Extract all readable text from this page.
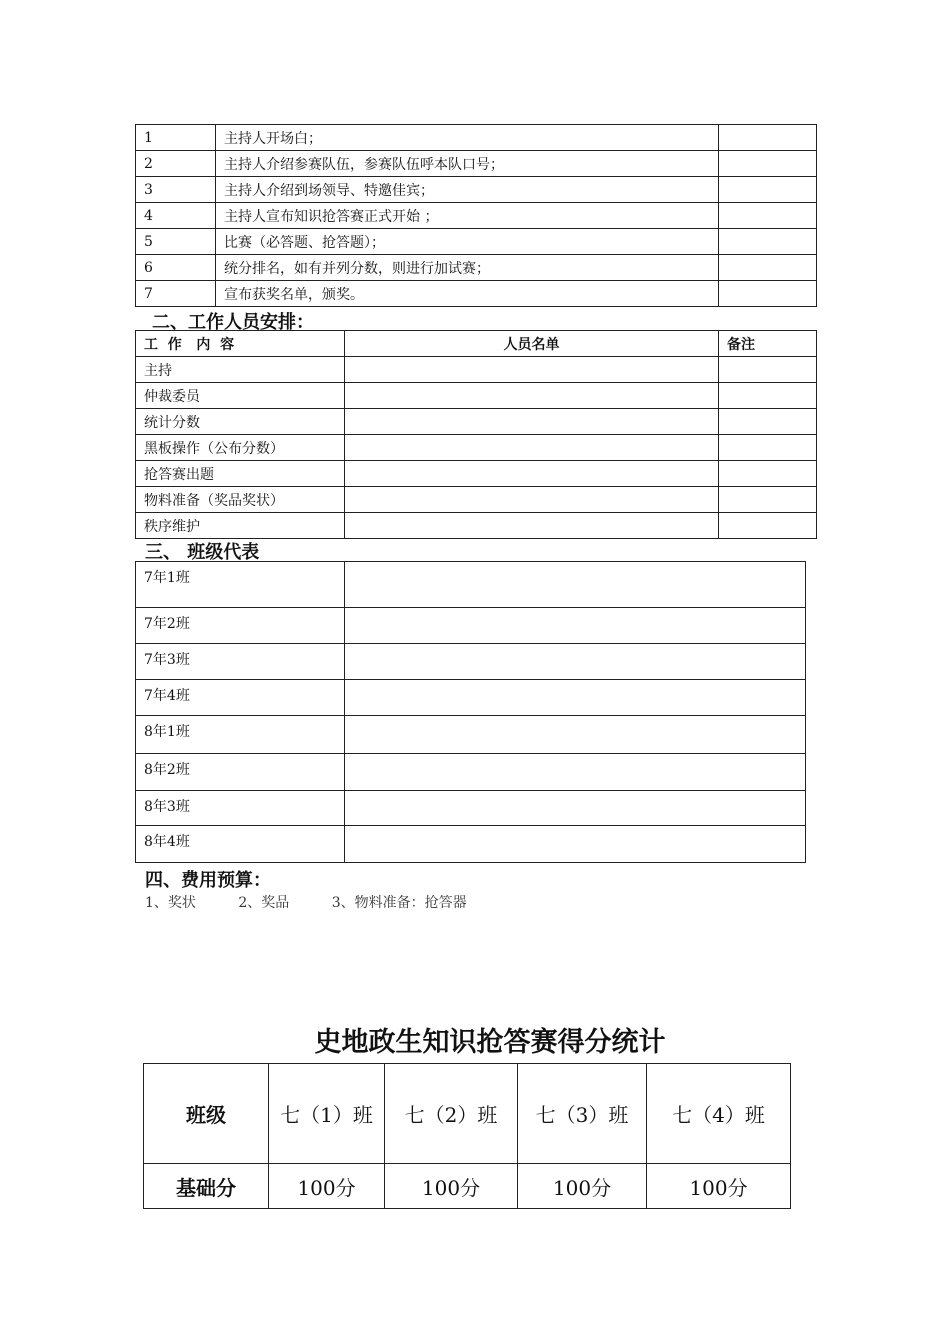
1	主持人开场白；	
2	主持人介绍参赛队伍，参赛队伍呼本队口号；	
3	主持人介绍到场领导、特邀佳宾；	
4	主持人宣布知识抢答赛正式开始 ；	
5	比赛（必答题、抢答题）；	
6	统分排名，如有并列分数，则进行加试赛；	
7	宣布获奖名单，颁奖。	
二、工作人员安排：
工  作   内  容	人员名单	备注
主持		
仲裁委员		
统计分数		
黑板操作（公布分数）		
抢答赛出题		
物料准备（奖品奖状）		
秩序维护		
三、 班级代表
7年1班	
7年2班	
7年3班	
7年4班	
8年1班	
8年2班	
8年3班	
8年4班	
四、费用预算：
1、奖状	2、奖品	3、物料准备：抢答器
史地政生知识抢答赛得分统计
班级	七（1）班	七（2）班	七（3）班	七（4）班
基础分	100分	100分	100分	100分
